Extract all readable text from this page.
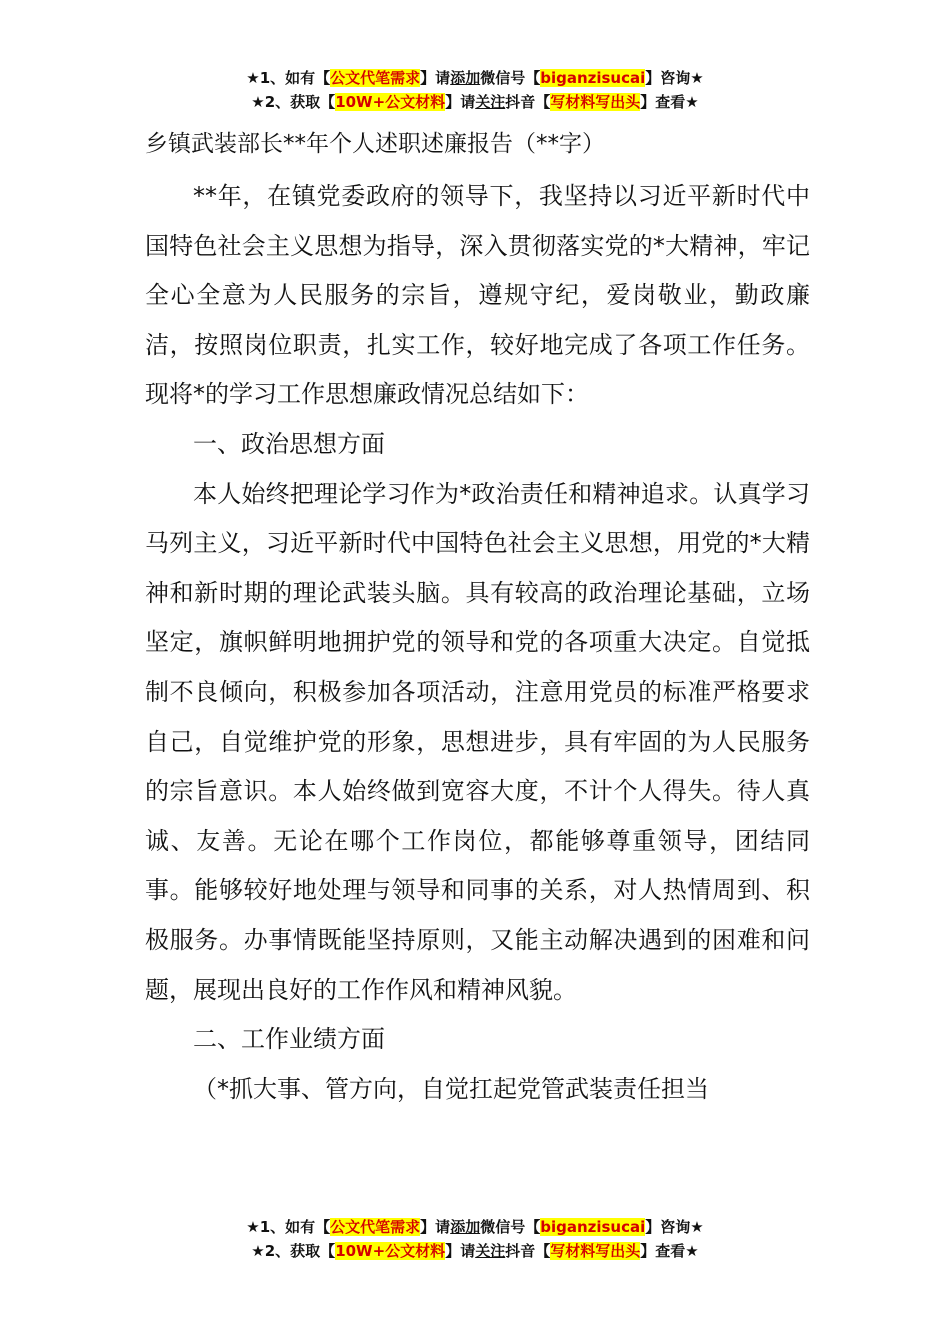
★1、如有【公文代笔需求】请添加微信号【biganzisucai】咨询★
★2、获取【10W+公文材料】请关注抖音【写材料写出头】查看★
乡镇武装部长**年个人述职述廉报告（**字）

**年，在镇党委政府的领导下，我坚持以习近平新时代中国特色社会主义思想为指导，深入贯彻落实党的*大精神，牢记全心全意为人民服务的宗旨，遵规守纪，爱岗敬业，勤政廉洁，按照岗位职责，扎实工作，较好地完成了各项工作任务。现将*的学习工作思想廉政情况总结如下：

一、政治思想方面

本人始终把理论学习作为*政治责任和精神追求。认真学习马列主义，习近平新时代中国特色社会主义思想，用党的*大精神和新时期的理论武装头脑。具有较高的政治理论基础，立场坚定，旗帜鲜明地拥护党的领导和党的各项重大决定。自觉抵制不良倾向，积极参加各项活动，注意用党员的标准严格要求自己，自觉维护党的形象，思想进步，具有牢固的为人民服务的宗旨意识。本人始终做到宽容大度，不计个人得失。待人真诚、友善。无论在哪个工作岗位，都能够尊重领导，团结同事。能够较好地处理与领导和同事的关系，对人热情周到、积极服务。办事情既能坚持原则，又能主动解决遇到的困难和问题，展现出良好的工作作风和精神风貌。

二、工作业绩方面

（*抓大事、管方向，自觉扛起党管武装责任担当

★1、如有【公文代笔需求】请添加微信号【biganzisucai】咨询★
★2、获取【10W+公文材料】请关注抖音【写材料写出头】查看★
